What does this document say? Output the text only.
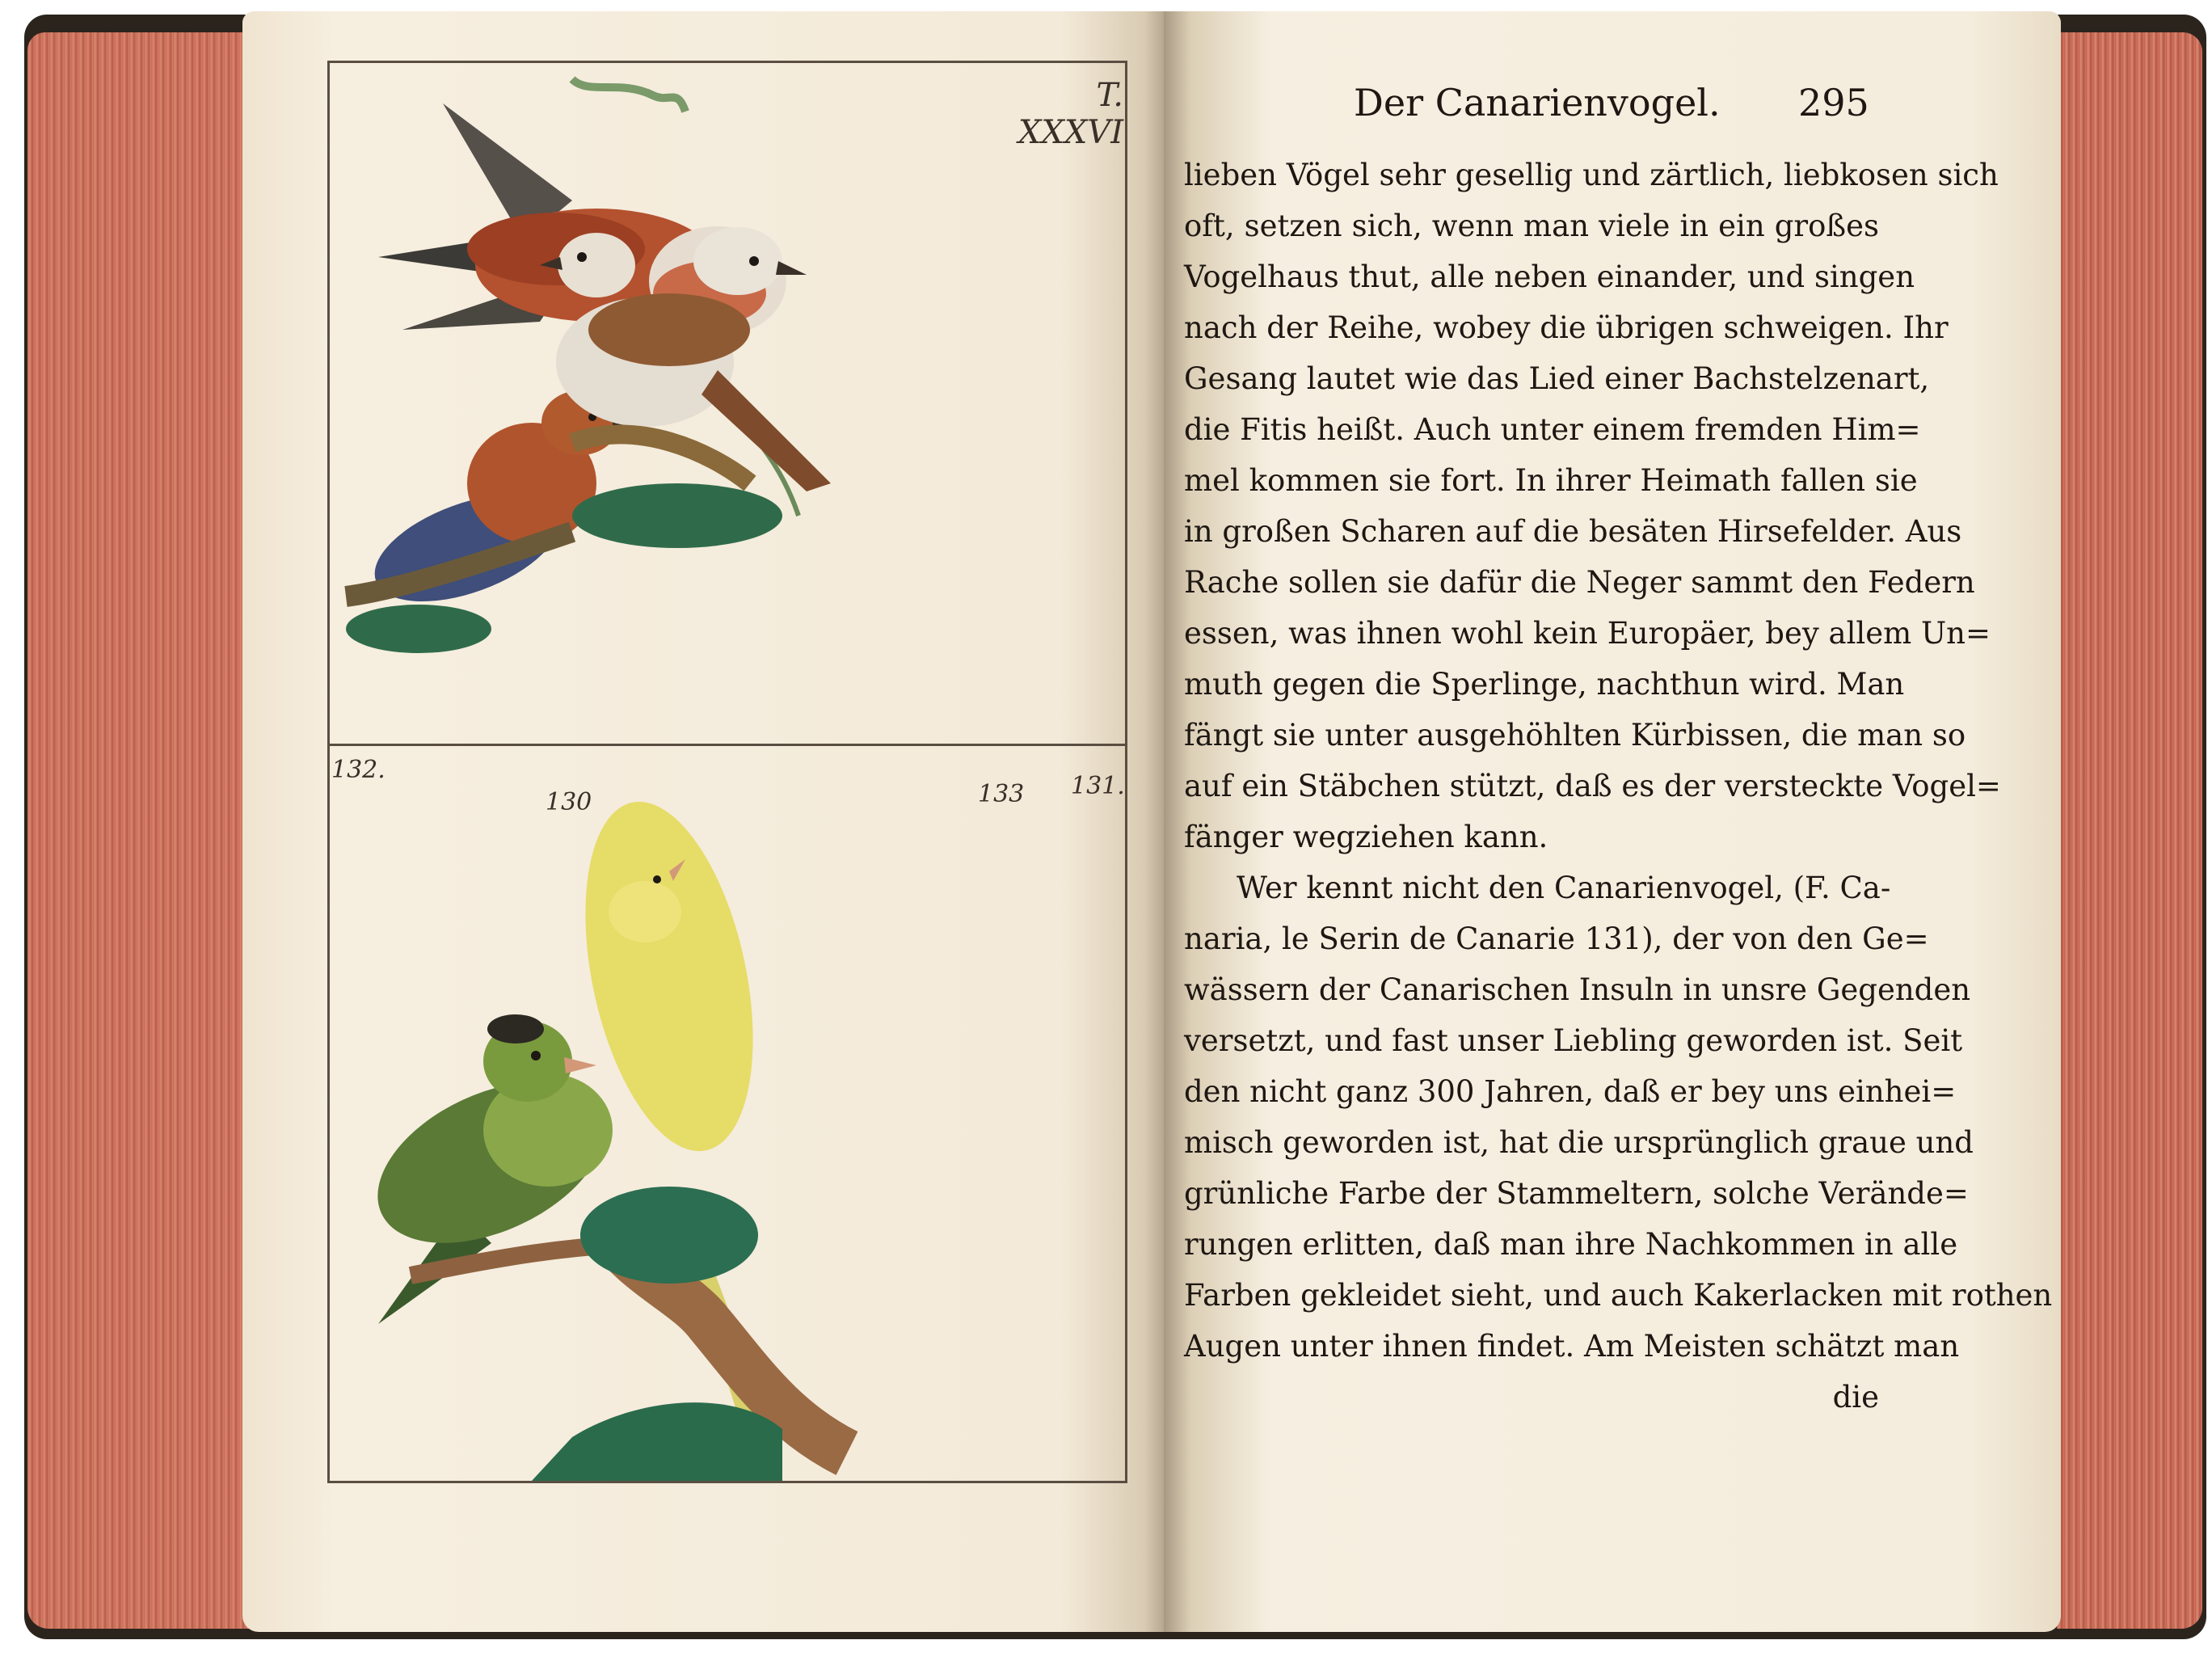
T. XXXVI
130	133
132.
131.
Der Canarienvogel. 295
lieben Vögel sehr gesellig und zärtlich, liebkosen sich
oft, setzen sich, wenn man viele in ein großes
Vogelhaus thut, alle neben einander, und singen
nach der Reihe, wobey die übrigen schweigen. Ihr
Gesang lautet wie das Lied einer Bachstelzenart,
die Fitis heißt. Auch unter einem fremden Him=
mel kommen sie fort. In ihrer Heimath fallen sie
in großen Scharen auf die besäten Hirsefelder. Aus
Rache sollen sie dafür die Neger sammt den Federn
essen, was ihnen wohl kein Europäer, bey allem Un=
muth gegen die Sperlinge, nachthun wird. Man
fängt sie unter ausgehöhlten Kürbissen, die man so
auf ein Stäbchen stützt, daß es der versteckte Vogel=
fänger wegziehen kann.
Wer kennt nicht den Canarienvogel, (F. Ca-
naria, le Serin de Canarie 131), der von den Ge=
wässern der Canarischen Insuln in unsre Gegenden
versetzt, und fast unser Liebling geworden ist. Seit
den nicht ganz 300 Jahren, daß er bey uns einhei=
misch geworden ist, hat die ursprünglich graue und
grünliche Farbe der Stammeltern, solche Verände=
rungen erlitten, daß man ihre Nachkommen in alle
Farben gekleidet sieht, und auch Kakerlacken mit rothen
Augen unter ihnen findet. Am Meisten schätzt man
die
